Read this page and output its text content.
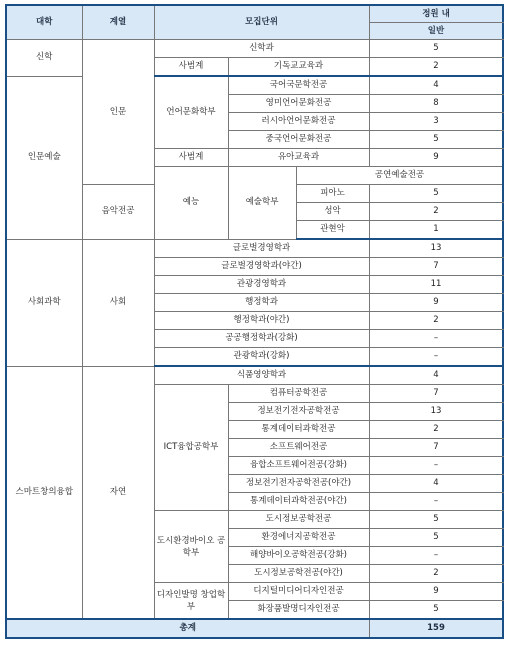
대학	계열	모집단위			정원 내	
					일반	
신학	인문	신학과			5	
		사범계	기독교교육과		2	
인문예술		언어문화학부	국어국문학전공		4	
			영미언어문화전공		8	
			러시아언어문화전공		3	
			중국언어문화전공		5	
		사범계	유아교육과		9	
		예능	예술학부	공연예술전공	
	음악전공			피아노	5	
				성악	2	
				관현악	1	
사회과학	사회	글로벌경영학과			13	
		글로벌경영학과(야간)			7	
		관광경영학과			11	
		행정학과			9	
		행정학과(야간)			2	
		공공행정학과(강화)			–	
		관광학과(강화)			–	
스마트창의융합	자연	식품영양학과			4	
		ICT융합공학부	컴퓨터공학전공		7	
			정보전기전자공학전공		13	
			통계데이터과학전공		2	
			소프트웨어전공		7	
			융합소프트웨어전공(강화)		–	
			정보전기전자공학전공(야간)		4	
			통계데이터과학전공(야간)		–	
		도시환경바이오 공학부	도시정보공학전공		5	
			환경에너지공학전공		5	
			해양바이오공학전공(강화)		–	
			도시정보공학전공(야간)		2	
		디자인발명 창업학부	디지털미디어디자인전공		9	
			화장품발명디자인전공		5	
총계					159	
